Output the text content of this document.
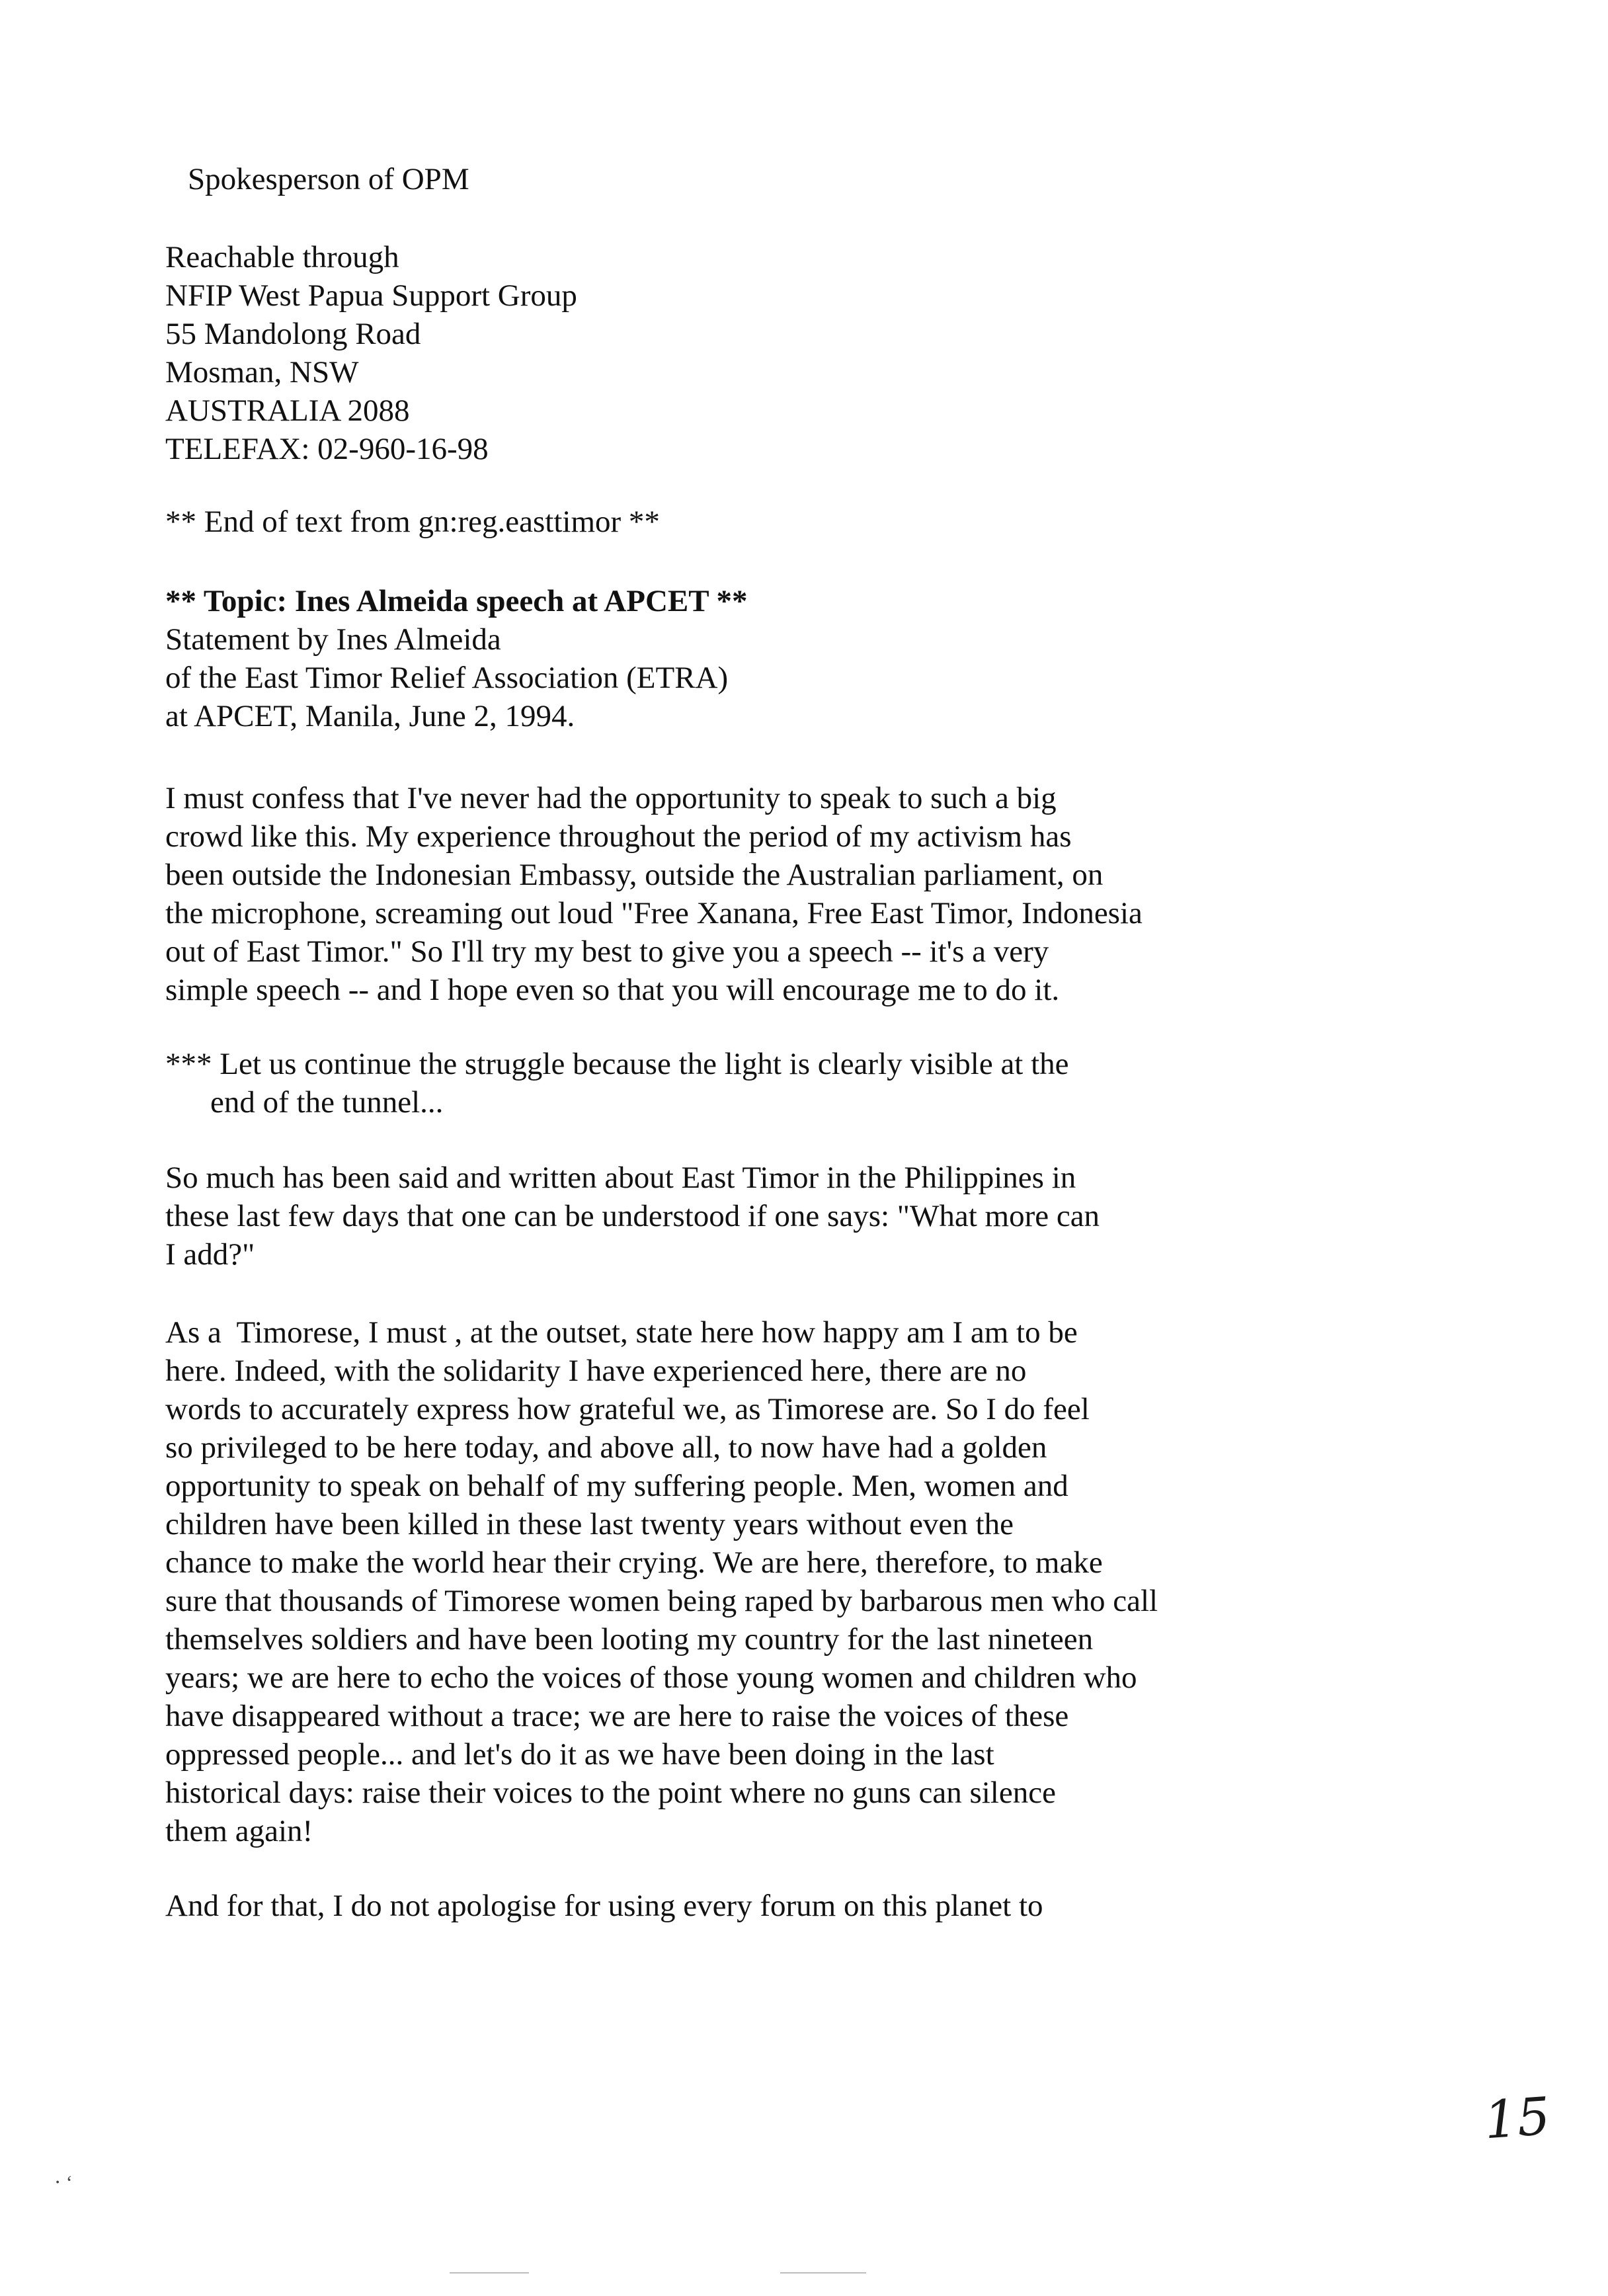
Spokesperson of OPM
Reachable through
NFIP West Papua Support Group
55 Mandolong Road
Mosman, NSW
AUSTRALIA 2088
TELEFAX: 02-960-16-98
** End of text from gn:reg.easttimor **
** Topic: Ines Almeida speech at APCET **
Statement by Ines Almeida
of the East Timor Relief Association (ETRA)
at APCET, Manila, June 2, 1994.
I must confess that I've never had the opportunity to speak to such a big
crowd like this. My experience throughout the period of my activism has
been outside the Indonesian Embassy, outside the Australian parliament, on
the microphone, screaming out loud "Free Xanana, Free East Timor, Indonesia
out of East Timor." So I'll try my best to give you a speech -- it's a very
simple speech -- and I hope even so that you will encourage me to do it.
*** Let us continue the struggle because the light is clearly visible at the
end of the tunnel...
So much has been said and written about East Timor in the Philippines in
these last few days that one can be understood if one says: "What more can
I add?"
As a  Timorese, I must , at the outset, state here how happy am I am to be
here. Indeed, with the solidarity I have experienced here, there are no
words to accurately express how grateful we, as Timorese are. So I do feel
so privileged to be here today, and above all, to now have had a golden
opportunity to speak on behalf of my suffering people. Men, women and
children have been killed in these last twenty years without even the
chance to make the world hear their crying. We are here, therefore, to make
sure that thousands of Timorese women being raped by barbarous men who call
themselves soldiers and have been looting my country for the last nineteen
years; we are here to echo the voices of those young women and children who
have disappeared without a trace; we are here to raise the voices of these
oppressed people... and let's do it as we have been doing in the last
historical days: raise their voices to the point where no guns can silence
them again!
And for that, I do not apologise for using every forum on this planet to
15
⋅ ‘
